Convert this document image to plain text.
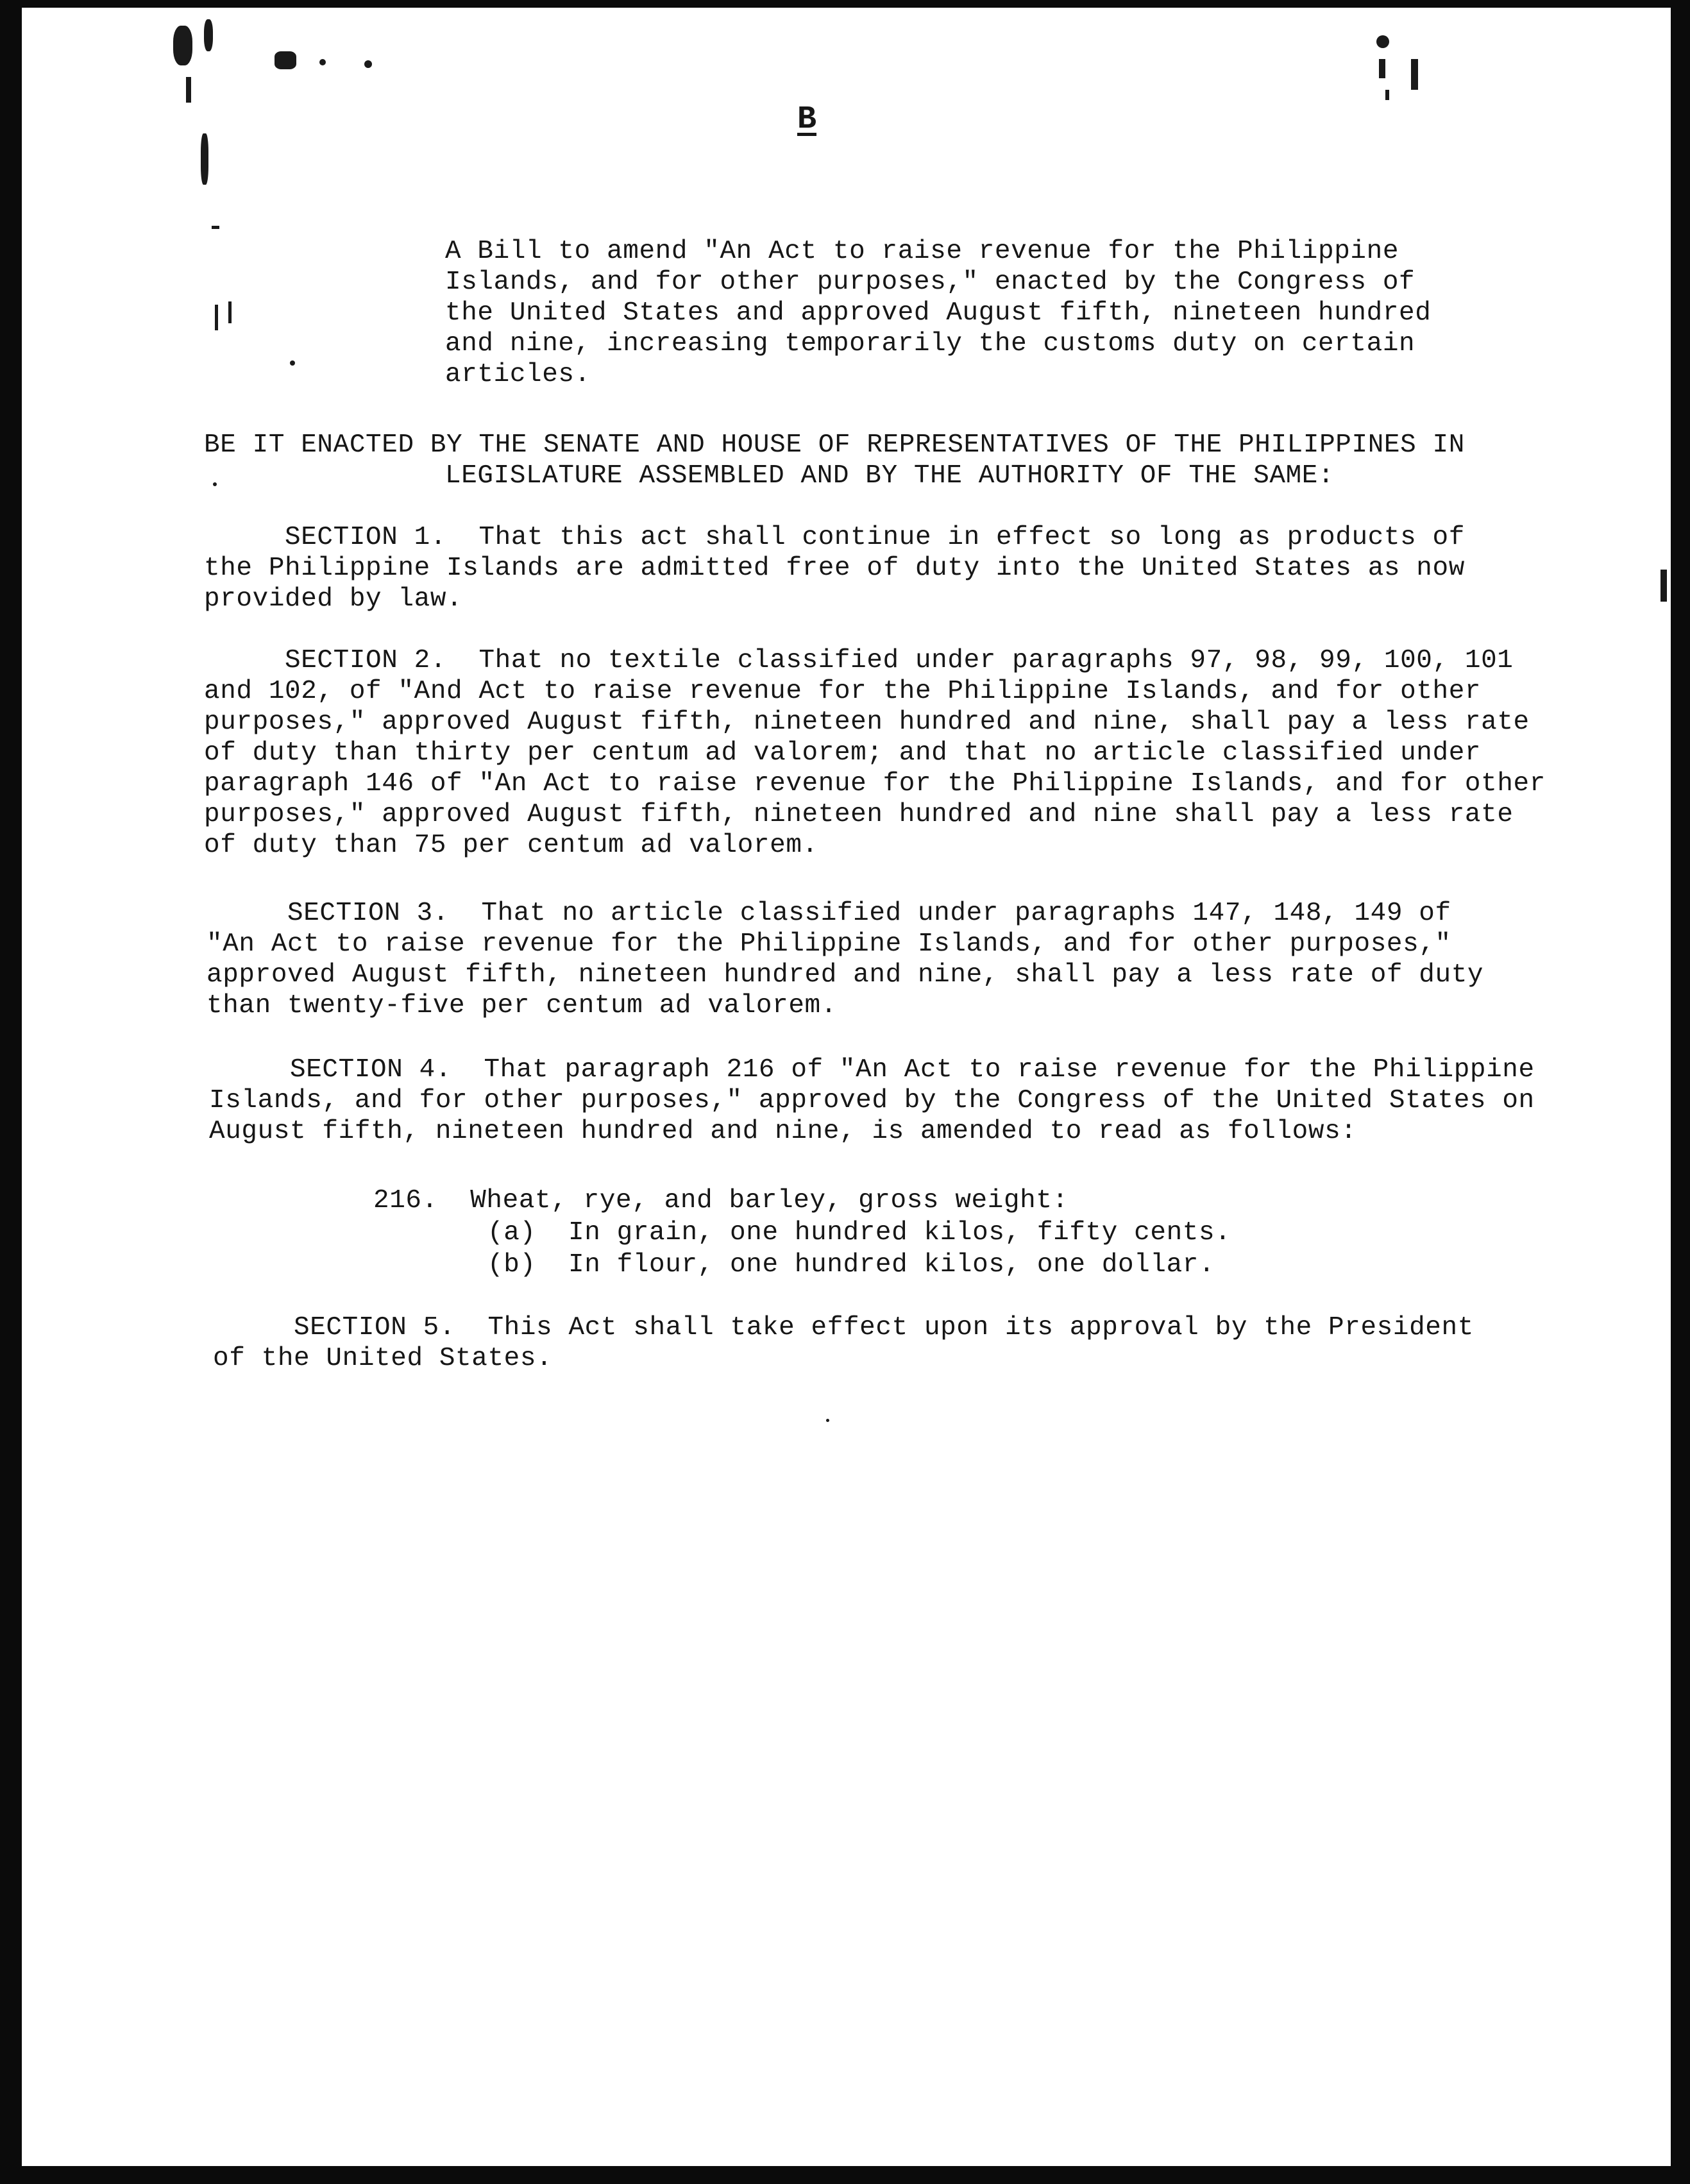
B
A Bill to amend "An Act to raise revenue for the Philippine
Islands, and for other purposes," enacted by the Congress of
the United States and approved August fifth, nineteen hundred
and nine, increasing temporarily the customs duty on certain
articles.
BE IT ENACTED BY THE SENATE AND HOUSE OF REPRESENTATIVES OF THE PHILIPPINES IN
LEGISLATURE ASSEMBLED AND BY THE AUTHORITY OF THE SAME:
SECTION 1.  That this act shall continue in effect so long as products of
the Philippine Islands are admitted free of duty into the United States as now
provided by law.
SECTION 2.  That no textile classified under paragraphs 97, 98, 99, 100, 101
and 102, of "And Act to raise revenue for the Philippine Islands, and for other
purposes," approved August fifth, nineteen hundred and nine, shall pay a less rate
of duty than thirty per centum ad valorem; and that no article classified under
paragraph 146 of "An Act to raise revenue for the Philippine Islands, and for other
purposes," approved August fifth, nineteen hundred and nine shall pay a less rate
of duty than 75 per centum ad valorem.
SECTION 3.  That no article classified under paragraphs 147, 148, 149 of
"An Act to raise revenue for the Philippine Islands, and for other purposes,"
approved August fifth, nineteen hundred and nine, shall pay a less rate of duty
than twenty-five per centum ad valorem.
SECTION 4.  That paragraph 216 of "An Act to raise revenue for the Philippine
Islands, and for other purposes," approved by the Congress of the United States on
August fifth, nineteen hundred and nine, is amended to read as follows:
216.  Wheat, rye, and barley, gross weight:
(a)  In grain, one hundred kilos, fifty cents.
(b)  In flour, one hundred kilos, one dollar.
SECTION 5.  This Act shall take effect upon its approval by the President
of the United States.
